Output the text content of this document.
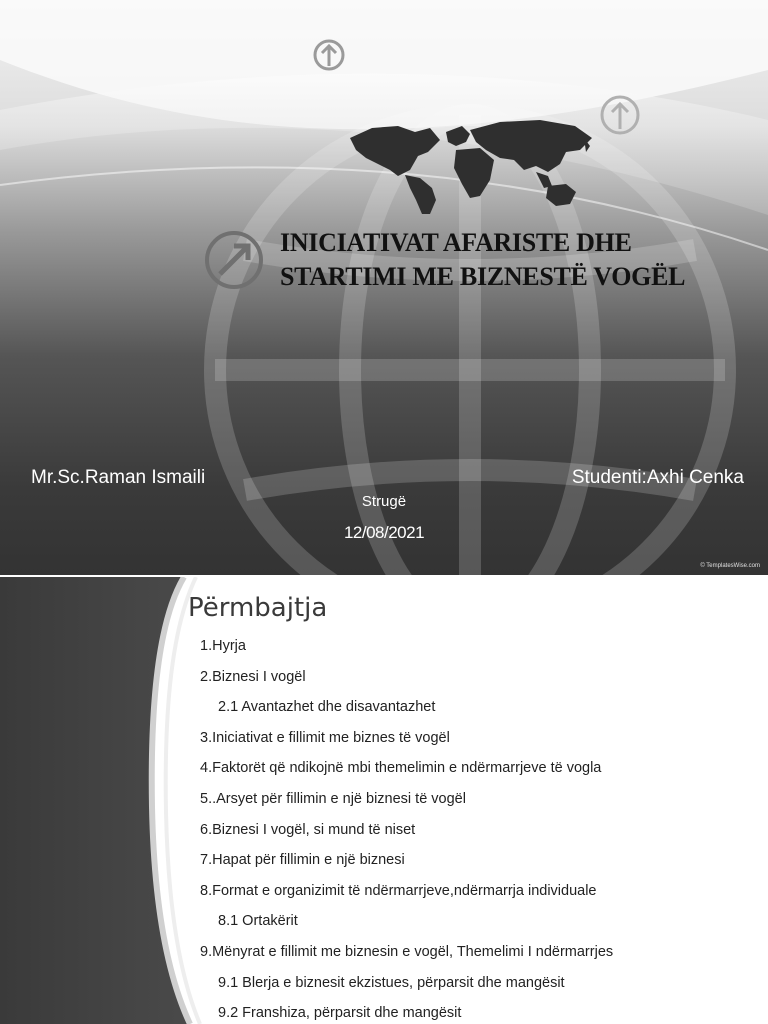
INICIATIVAT AFARISTE DHE
STARTIMI ME BIZNESTË VOGËL
Mr.Sc.Raman Ismaili	Studenti:Axhi Cenka
Strugë
12/08/2021
© TemplatesWise.com
Përmbajtja
1.Hyrja
2.Biznesi I vogël
2.1 Avantazhet dhe disavantazhet
3.Iniciativat e fillimit me biznes të vogël
4.Faktorët që ndikojnë mbi themelimin e ndërmarrjeve të vogla
5..Arsyet për fillimin e një biznesi të vogël
6.Biznesi I vogël, si mund të niset
7.Hapat për fillimin e një biznesi
8.Format e organizimit të ndërmarrjeve,ndërmarrja individuale
8.1 Ortakërit
9.Mënyrat e fillimit me biznesin e vogël, Themelimi I ndërmarrjes
9.1 Blerja e biznesit ekzistues, përparsit dhe mangësit
9.2 Franshiza, përparsit dhe mangësit
